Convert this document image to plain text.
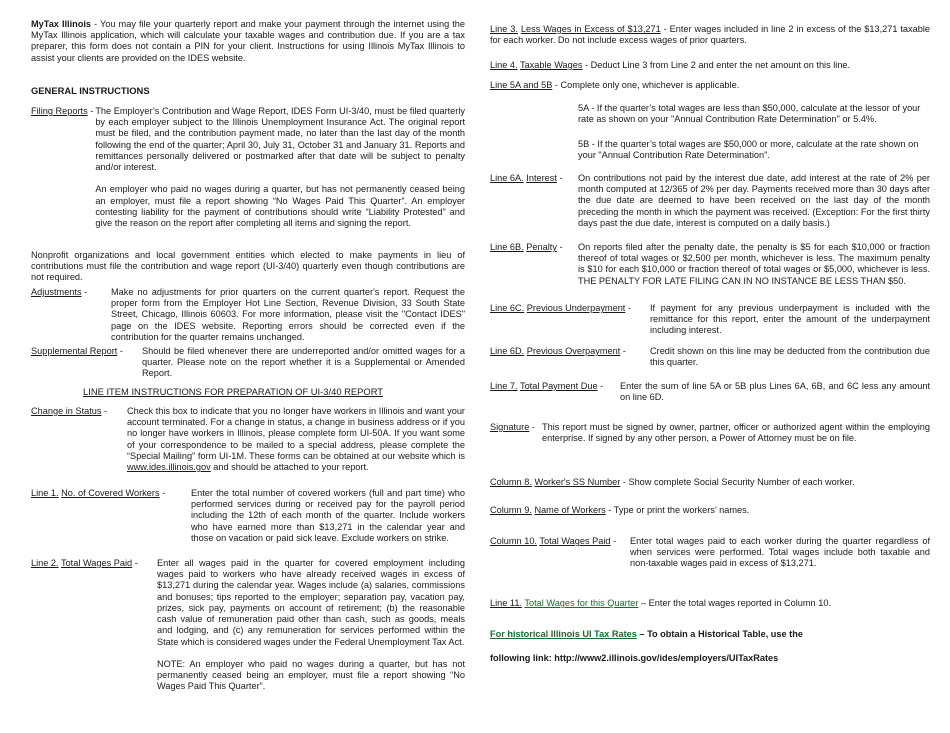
MyTax Illinois - You may file your quarterly report and make your payment through the internet using the MyTax Illinois application, which will calculate your taxable wages and contribution due. If you are a tax preparer, this form does not contain a PIN for your client. Instructions for using Illinois MyTax Illinois to assist your clients are provided on the IDES website.

GENERAL INSTRUCTIONS

Filing Reports - The Employer’s Contribution and Wage Report, IDES Form UI-3/40, must be filed quarterly by each employer subject to the Illinois Unemployment Insurance Act. The original report must be filed, and the contribution payment made, no later than the last day of the month following the end of the quarter; April 30, July 31, October 31 and January 31. Reports and remittances personally delivered or postmarked after that date will be subject to penalty and/or interest.

An employer who paid no wages during a quarter, but has not permanently ceased being an employer, must file a report showing “No Wages Paid This Quarter”. An employer contesting liability for the payment of contributions should write “Liability Protested” and give the reason on the report after completing all items and signing the report.

Nonprofit organizations and local government entities which elected to make payments in lieu of contributions must file the contribution and wage report (UI-3/40) quarterly even though contributions are not required.

Adjustments -	Make no adjustments for prior quarters on the current quarter's report. Request the proper form from the Employer Hot Line Section, Revenue Division, 33 South State Street, Chicago, Illinois 60603. For more information, please visit the "Contact IDES" page on the IDES website. Reporting errors should be corrected even if the contribution for the quarter remains unchanged.

Supplemental Report -	Should be filed whenever there are underreported and/or omitted wages for a quarter. Please note on the report whether it is a Supplemental or Amended Report.

LINE ITEM INSTRUCTIONS FOR PREPARATION OF UI-3/40 REPORT

Change in Status -	Check this box to indicate that you no longer have workers in Illinois and want your account terminated. For a change in status, a change in business address or if you no longer have workers in Illinois, please complete form UI-50A. If you want some of your correspondence to be mailed to a special address, please complete the “Special Mailing” form UI-1M. These forms can be obtained at our website which is www.ides.illinois.gov and should be attached to your report.

Line 1. No. of Covered Workers -	Enter the total number of covered workers (full and part time) who performed services during or received pay for the payroll period including the 12th of each month of the quarter. Include workers who have earned more than $13,271 in the calendar year and those on vacation or paid sick leave. Exclude workers on strike.

Line 2. Total Wages Paid -	Enter all wages paid in the quarter for covered employment including wages paid to workers who have already received wages in excess of $13,271 during the calendar year. Wages include (a) salaries, commissions and bonuses; tips reported to the employer; separation pay, vacation pay, prizes, sick pay, payments on account of retirement; (b) the reasonable cash value of remuneration paid other than cash, such as goods, meals and lodging, and (c) any remuneration for services performed within the State which is considered wages under the Federal Unemployment Tax Act.

NOTE: An employer who paid no wages during a quarter, but has not permanently ceased being an employer, must file a report showing “No Wages Paid This Quarter”.

Line 3. Less Wages in Excess of $13,271 - Enter wages included in line 2 in excess of the $13,271 taxable for each worker. Do not include excess wages of prior quarters.

Line 4. Taxable Wages - Deduct Line 3 from Line 2 and enter the net amount on this line.

Line 5A and 5B - Complete only one, whichever is applicable.

5A - If the quarter’s total wages are less than $50,000, calculate at the lessor of your rate as shown on your "Annual Contribution Rate Determination" or 5.4%.

5B - If the quarter’s total wages are $50,000 or more, calculate at the rate shown on your "Annual Contribution Rate Determination".

Line 6A. Interest -	On contributions not paid by the interest due date, add interest at the rate of 2% per month computed at 12/365 of 2% per day. Payments received more than 30 days after the due date are deemed to have been received on the last day of the month preceding the month in which the payment was received. (Exception: For the first thirty days past the due date, interest is computed on a daily basis.)

Line 6B. Penalty -	On reports filed after the penalty date, the penalty is $5 for each $10,000 or fraction thereof of total wages or $2,500 per month, whichever is less. The maximum penalty is $10 for each $10,000 or fraction thereof of total wages or $5,000, whichever is less. THE PENALTY FOR LATE FILING CAN IN NO INSTANCE BE LESS THAN $50.

Line 6C. Previous Underpayment -	If payment for any previous underpayment is included with the remittance for this report, enter the amount of the underpayment including interest.

Line 6D. Previous Overpayment -	Credit shown on this line may be deducted from the contribution due this quarter.

Line 7. Total Payment Due -	Enter the sum of line 5A or 5B plus Lines 6A, 6B, and 6C less any amount on line 6D.

Signature - This report must be signed by owner, partner, officer or authorized agent within the employing enterprise. If signed by any other person, a Power of Attorney must be on file.

Column 8. Worker's SS Number - Show complete Social Security Number of each worker.

Column 9. Name of Workers - Type or print the workers’ names.

Column 10. Total Wages Paid -	Enter total wages paid to each worker during the quarter regardless of when services were performed. Total wages include both taxable and non-taxable wages paid in excess of $13,271.

Line 11. Total Wages for this Quarter – Enter the total wages reported in Column 10.

For historical Illinois UI Tax Rates – To obtain a Historical Table, use the

following link: http://www2.illinois.gov/ides/employers/UITaxRates
